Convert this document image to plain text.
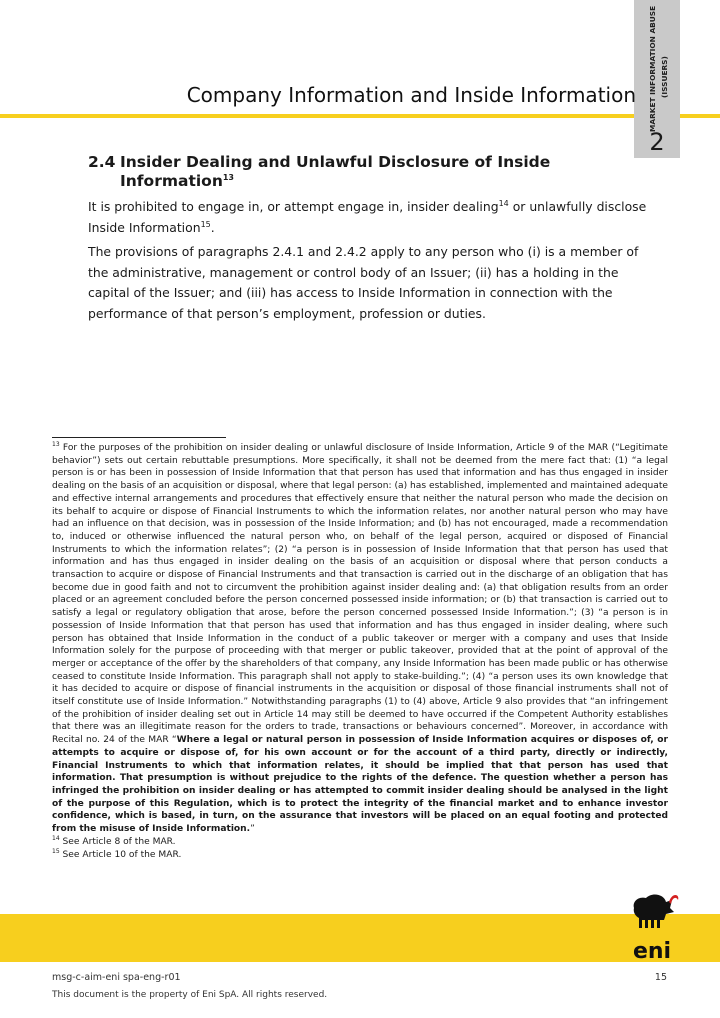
MARKET INFORMATION ABUSE (ISSUERS)
2
Company Information and Inside Information
2.4 Insider Dealing and Unlawful Disclosure of Inside
Information$^{13}$

It is prohibited to engage in, or attempt engage in, insider dealing$^{14}$ or unlawfully disclose Inside Information$^{15}$.

The provisions of paragraphs 2.4.1 and 2.4.2 apply to any person who (i) is a member of the administrative, management or control body of an Issuer; (ii) has a holding in the capital of the Issuer; and (iii) has access to Inside Information in connection with the performance of that person’s employment, profession or duties.

$^{13}$ For the purposes of the prohibition on insider dealing or unlawful disclosure of Inside Information, Article 9 of the MAR (“Legitimate behavior”) sets out certain rebuttable presumptions. More specifically, it shall not be deemed from the mere fact that: (1) “a legal person is or has been in possession of Inside Information that that person has used that information and has thus engaged in insider dealing on the basis of an acquisition or disposal, where that legal person: (a) has established, implemented and maintained adequate and effective internal arrangements and procedures that effectively ensure that neither the natural person who made the decision on its behalf to acquire or dispose of Financial Instruments to which the information relates, nor another natural person who may have had an influence on that decision, was in possession of the Inside Information; and (b) has not encouraged, made a recommendation to, induced or otherwise influenced the natural person who, on behalf of the legal person, acquired or disposed of Financial Instruments to which the information relates”; (2) “a person is in possession of Inside Information that that person has used that information and has thus engaged in insider dealing on the basis of an acquisition or disposal where that person conducts a transaction to acquire or dispose of Financial Instruments and that transaction is carried out in the discharge of an obligation that has become due in good faith and not to circumvent the prohibition against insider dealing and: (a) that obligation results from an order placed or an agreement concluded before the person concerned possessed inside information; or (b) that transaction is carried out to satisfy a legal or regulatory obligation that arose, before the person concerned possessed Inside Information.”; (3) “a person is in possession of Inside Information that that person has used that information and has thus engaged in insider dealing, where such person has obtained that Inside Information in the conduct of a public takeover or merger with a company and uses that Inside Information solely for the purpose of proceeding with that merger or public takeover, provided that at the point of approval of the merger or acceptance of the offer by the shareholders of that company, any Inside Information has been made public or has otherwise ceased to constitute Inside Information. This paragraph shall not apply to stake-building.”; (4) “a person uses its own knowledge that it has decided to acquire or dispose of financial instruments in the acquisition or disposal of those financial instruments shall not of itself constitute use of Inside Information.” Notwithstanding paragraphs (1) to (4) above, Article 9 also provides that “an infringement of the prohibition of insider dealing set out in Article 14 may still be deemed to have occurred if the Competent Authority establishes that there was an illegitimate reason for the orders to trade, transactions or behaviours concerned”. Moreover, in accordance with Recital no. 24 of the MAR “Where a legal or natural person in possession of Inside Information acquires or disposes of, or attempts to acquire or dispose of, for his own account or for the account of a third party, directly or indirectly, Financial Instruments to which that information relates, it should be implied that that person has used that information. That presumption is without prejudice to the rights of the defence. The question whether a person has infringed the prohibition on insider dealing or has attempted to commit insider dealing should be analysed in the light of the purpose of this Regulation, which is to protect the integrity of the financial market and to enhance investor confidence, which is based, in turn, on the assurance that investors will be placed on an equal footing and protected from the misuse of Inside Information.”

$^{14}$ See Article 8 of the MAR.

$^{15}$ See Article 10 of the MAR.

eni
msg-c-aim-eni spa-eng-r01	15
This document is the property of Eni SpA. All rights reserved.
